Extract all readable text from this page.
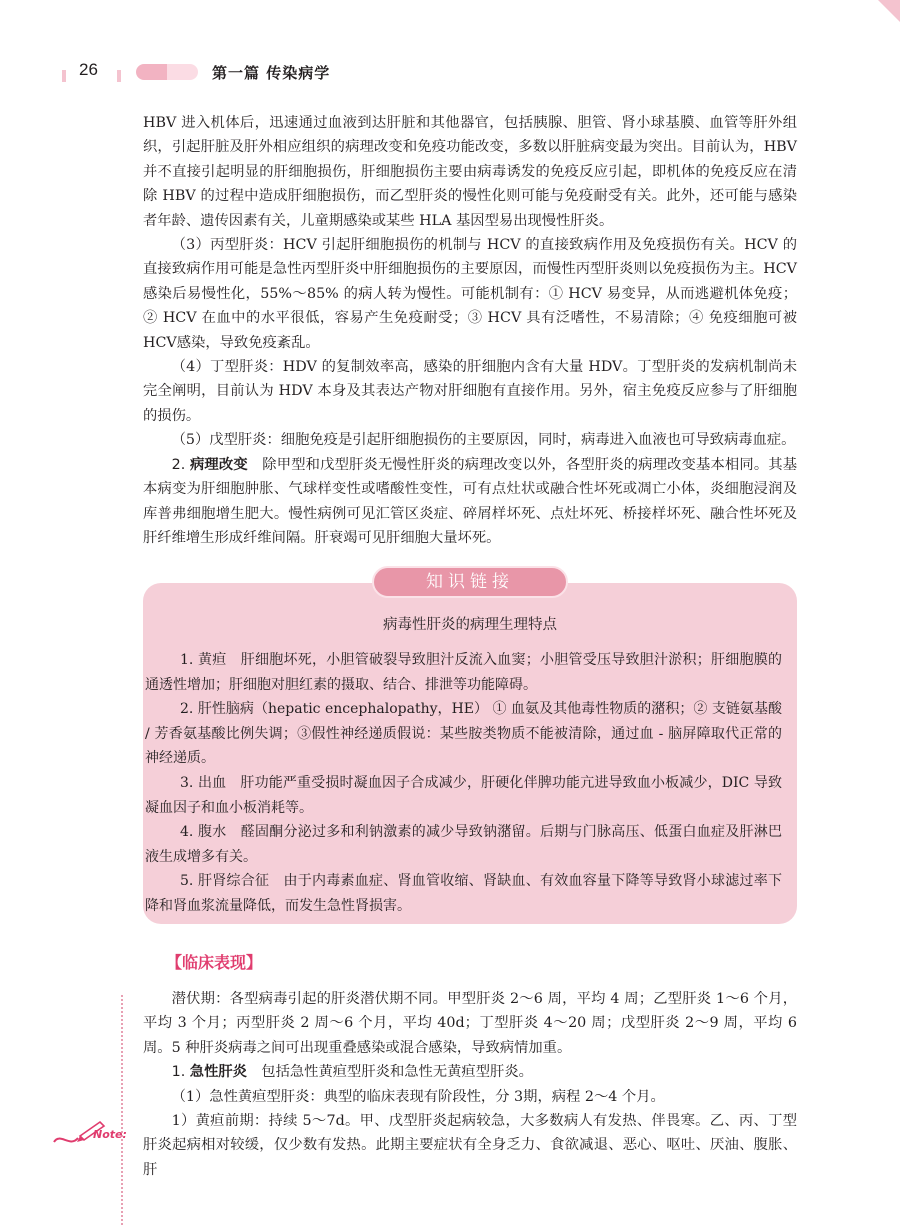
26	第一篇 传染病学

HBV 进入机体后，迅速通过血液到达肝脏和其他器官，包括胰腺、胆管、肾小球基膜、血管等肝外组织，引起肝脏及肝外相应组织的病理改变和免疫功能改变，多数以肝脏病变最为突出。目前认为，HBV 并不直接引起明显的肝细胞损伤，肝细胞损伤主要由病毒诱发的免疫反应引起，即机体的免疫反应在清除 HBV 的过程中造成肝细胞损伤，而乙型肝炎的慢性化则可能与免疫耐受有关。此外，还可能与感染者年龄、遗传因素有关，儿童期感染或某些 HLA 基因型易出现慢性肝炎。

（3）丙型肝炎：HCV 引起肝细胞损伤的机制与 HCV 的直接致病作用及免疫损伤有关。HCV 的直接致病作用可能是急性丙型肝炎中肝细胞损伤的主要原因，而慢性丙型肝炎则以免疫损伤为主。HCV 感染后易慢性化，55%～85% 的病人转为慢性。可能机制有：① HCV 易变异，从而逃避机体免疫；② HCV 在血中的水平很低，容易产生免疫耐受；③ HCV 具有泛嗜性，不易清除；④ 免疫细胞可被 HCV感染，导致免疫紊乱。

（4）丁型肝炎：HDV 的复制效率高，感染的肝细胞内含有大量 HDV。丁型肝炎的发病机制尚未完全阐明，目前认为 HDV 本身及其表达产物对肝细胞有直接作用。另外，宿主免疫反应参与了肝细胞的损伤。

（5）戊型肝炎：细胞免疫是引起肝细胞损伤的主要原因，同时，病毒进入血液也可导致病毒血症。

2. 病理改变　 除甲型和戊型肝炎无慢性肝炎的病理改变以外，各型肝炎的病理改变基本相同。其基本病变为肝细胞肿胀、气球样变性或嗜酸性变性，可有点灶状或融合性坏死或凋亡小体，炎细胞浸润及库普弗细胞增生肥大。慢性病例可见汇管区炎症、碎屑样坏死、点灶坏死、桥接样坏死、融合性坏死及肝纤维增生形成纤维间隔。肝衰竭可见肝细胞大量坏死。

知识链接
病毒性肝炎的病理生理特点

1. 黄疸　肝细胞坏死，小胆管破裂导致胆汁反流入血窦；小胆管受压导致胆汁淤积；肝细胞膜的通透性增加；肝细胞对胆红素的摄取、结合、排泄等功能障碍。

2. 肝性脑病（hepatic encephalopathy，HE） ① 血氨及其他毒性物质的潴积；② 支链氨基酸 / 芳香氨基酸比例失调；③假性神经递质假说：某些胺类物质不能被清除，通过血 - 脑屏障取代正常的神经递质。

3. 出血　肝功能严重受损时凝血因子合成减少，肝硬化伴脾功能亢进导致血小板减少，DIC 导致凝血因子和血小板消耗等。

4. 腹水　醛固酮分泌过多和利钠激素的减少导致钠潴留。后期与门脉高压、低蛋白血症及肝淋巴液生成增多有关。

5. 肝肾综合征　由于内毒素血症、肾血管收缩、肾缺血、有效血容量下降等导致肾小球滤过率下降和肾血浆流量降低，而发生急性肾损害。

【临床表现】

潜伏期：各型病毒引起的肝炎潜伏期不同。甲型肝炎 2～6 周，平均 4 周；乙型肝炎 1～6 个月，平均 3 个月；丙型肝炎 2 周～6 个月，平均 40d；丁型肝炎 4～20 周；戊型肝炎 2～9 周，平均 6周。5 种肝炎病毒之间可出现重叠感染或混合感染，导致病情加重。

1. 急性肝炎　 包括急性黄疸型肝炎和急性无黄疸型肝炎。

（1）急性黄疸型肝炎：典型的临床表现有阶段性，分 3期，病程 2～4 个月。

1）黄疸前期：持续 5～7d。甲、戊型肝炎起病较急，大多数病人有发热、伴畏寒。乙、丙、丁型肝炎起病相对较缓，仅少数有发热。此期主要症状有全身乏力、食欲减退、恶心、呕吐、厌油、腹胀、肝

Note:
